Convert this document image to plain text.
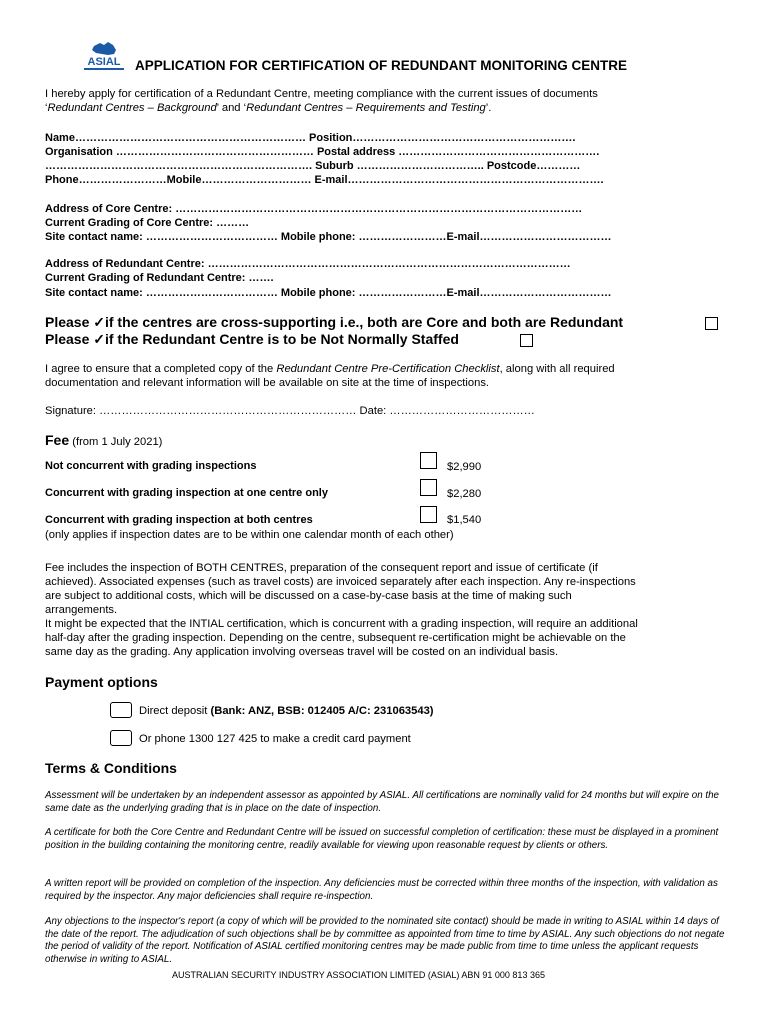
ASIAL APPLICATION FOR CERTIFICATION OF REDUNDANT MONITORING CENTRE
I hereby apply for certification of a Redundant Centre, meeting compliance with the current issues of documents
‘Redundant Centres – Background’ and ‘Redundant Centres – Requirements and Testing’.
Name……………………………………………………… Position…………………………………………………….
Organisation ……………………………………………… Postal address ……………………………………………….
………………………………………………………………. Suburb …………………………….. Postcode…………
Phone……………………Mobile………………………… E-mail…………………………………………………………….
Address of Core Centre: …………………………………………………………………………………………………
Current Grading of Core Centre: ………
Site contact name: ……………………………… Mobile phone: ……………………E-mail………………………………
Address of Redundant Centre: ………………………………………………………………………………………
Current Grading of Redundant Centre: …….
Site contact name: ……………………………… Mobile phone: ……………………E-mail………………………………
Please ✓if the centres are cross-supporting i.e., both are Core and both are Redundant
Please ✓if the Redundant Centre is to be Not Normally Staffed
I agree to ensure that a completed copy of the Redundant Centre Pre-Certification Checklist, along with all required
documentation and relevant information will be available on site at the time of inspections.
Signature: …………………………………………………………… Date: …………………………………
Fee (from 1 July 2021)
Not concurrent with grading inspections	$2,990
Concurrent with grading inspection at one centre only	$2,280
Concurrent with grading inspection at both centres	$1,540
(only applies if inspection dates are to be within one calendar month of each other)
Fee includes the inspection of BOTH CENTRES, preparation of the consequent report and issue of certificate (if
achieved). Associated expenses (such as travel costs) are invoiced separately after each inspection. Any re-inspections
are subject to additional costs, which will be discussed on a case-by-case basis at the time of making such
arrangements.
It might be expected that the INTIAL certification, which is concurrent with a grading inspection, will require an additional
half-day after the grading inspection. Depending on the centre, subsequent re-certification might be achievable on the
same day as the grading. Any application involving overseas travel will be costed on an individual basis.
Payment options
Direct deposit (Bank: ANZ, BSB: 012405 A/C: 231063543)
Or phone 1300 127 425 to make a credit card payment
Terms & Conditions
Assessment will be undertaken by an independent assessor as appointed by ASIAL. All certifications are nominally valid for 24 months but will expire on the same date as the underlying grading that is in place on the date of inspection.
A certificate for both the Core Centre and Redundant Centre will be issued on successful completion of certification: these must be displayed in a prominent position in the building containing the monitoring centre, readily available for viewing upon reasonable request by clients or others.
A written report will be provided on completion of the inspection. Any deficiencies must be corrected within three months of the inspection, with validation as required by the inspector. Any major deficiencies shall require re-inspection.
Any objections to the inspector's report (a copy of which will be provided to the nominated site contact) should be made in writing to ASIAL within 14 days of the date of the report. The adjudication of such objections shall be by committee as appointed from time to time by ASIAL. Any such objections do not negate the period of validity of the report. Notification of ASIAL certified monitoring centres may be made public from time to time unless the applicant requests otherwise in writing to ASIAL.
AUSTRALIAN SECURITY INDUSTRY ASSOCIATION LIMITED (ASIAL) ABN 91 000 813 365
